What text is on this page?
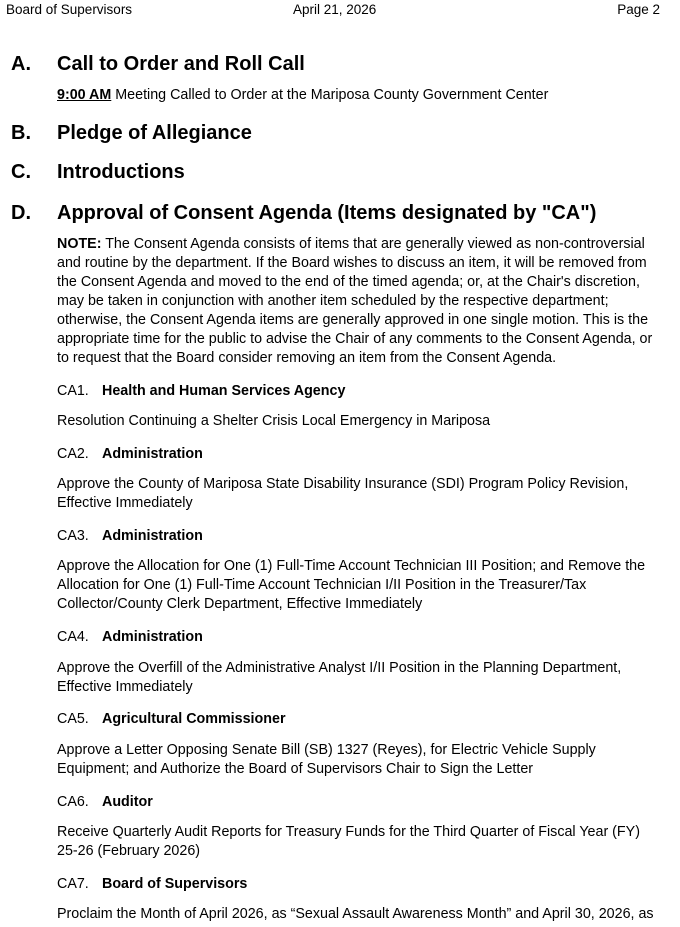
Board of Supervisors	April 21, 2026	Page 2
A. Call to Order and Roll Call
9:00 AM Meeting Called to Order at the Mariposa County Government Center
B. Pledge of Allegiance
C. Introductions
D. Approval of Consent Agenda (Items designated by "CA")
NOTE: The Consent Agenda consists of items that are generally viewed as non-controversial and routine by the department. If the Board wishes to discuss an item, it will be removed from the Consent Agenda and moved to the end of the timed agenda; or, at the Chair's discretion, may be taken in conjunction with another item scheduled by the respective department; otherwise, the Consent Agenda items are generally approved in one single motion. This is the appropriate time for the public to advise the Chair of any comments to the Consent Agenda, or to request that the Board consider removing an item from the Consent Agenda.
CA1. Health and Human Services Agency
Resolution Continuing a Shelter Crisis Local Emergency in Mariposa
CA2. Administration
Approve the County of Mariposa State Disability Insurance (SDI) Program Policy Revision, Effective Immediately
CA3. Administration
Approve the Allocation for One (1) Full-Time Account Technician III Position; and Remove the Allocation for One (1) Full-Time Account Technician I/II Position in the Treasurer/Tax Collector/County Clerk Department, Effective Immediately
CA4. Administration
Approve the Overfill of the Administrative Analyst I/II Position in the Planning Department, Effective Immediately
CA5. Agricultural Commissioner
Approve a Letter Opposing Senate Bill (SB) 1327 (Reyes), for Electric Vehicle Supply Equipment; and Authorize the Board of Supervisors Chair to Sign the Letter
CA6. Auditor
Receive Quarterly Audit Reports for Treasury Funds for the Third Quarter of Fiscal Year (FY) 25-26 (February 2026)
CA7. Board of Supervisors
Proclaim the Month of April 2026, as “Sexual Assault Awareness Month” and April 30, 2026, as
